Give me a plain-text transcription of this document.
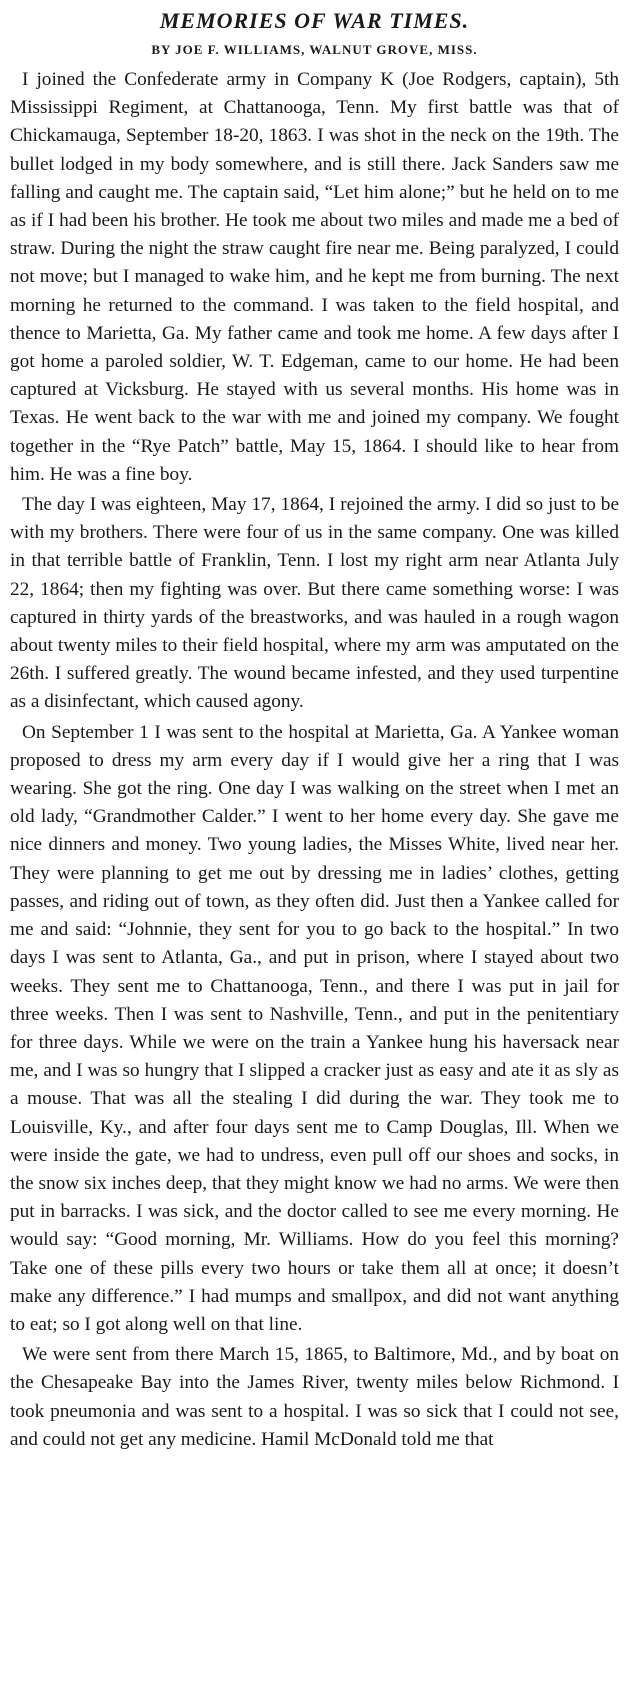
MEMORIES OF WAR TIMES.
BY JOE F. WILLIAMS, WALNUT GROVE, MISS.

I joined the Confederate army in Company K (Joe Rodgers, captain), 5th Mississippi Regiment, at Chattanooga, Tenn. My first battle was that of Chickamauga, September 18-20, 1863. I was shot in the neck on the 19th. The bullet lodged in my body somewhere, and is still there. Jack Sanders saw me falling and caught me. The captain said, “Let him alone;” but he held on to me as if I had been his brother. He took me about two miles and made me a bed of straw. During the night the straw caught fire near me. Being paralyzed, I could not move; but I managed to wake him, and he kept me from burning. The next morning he returned to the command. I was taken to the field hospital, and thence to Marietta, Ga. My father came and took me home. A few days after I got home a paroled soldier, W. T. Edgeman, came to our home. He had been captured at Vicksburg. He stayed with us several months. His home was in Texas. He went back to the war with me and joined my company. We fought together in the “Rye Patch” battle, May 15, 1864. I should like to hear from him. He was a fine boy.

The day I was eighteen, May 17, 1864, I rejoined the army. I did so just to be with my brothers. There were four of us in the same company. One was killed in that terrible battle of Franklin, Tenn. I lost my right arm near Atlanta July 22, 1864; then my fighting was over. But there came something worse: I was captured in thirty yards of the breastworks, and was hauled in a rough wagon about twenty miles to their field hospital, where my arm was amputated on the 26th. I suffered greatly. The wound became infested, and they used turpentine as a disinfectant, which caused agony.

On September 1 I was sent to the hospital at Marietta, Ga. A Yankee woman proposed to dress my arm every day if I would give her a ring that I was wearing. She got the ring. One day I was walking on the street when I met an old lady, “Grandmother Calder.” I went to her home every day. She gave me nice dinners and money. Two young ladies, the Misses White, lived near her. They were planning to get me out by dressing me in ladies’ clothes, getting passes, and riding out of town, as they often did. Just then a Yankee called for me and said: “Johnnie, they sent for you to go back to the hospital.” In two days I was sent to Atlanta, Ga., and put in prison, where I stayed about two weeks. They sent me to Chattanooga, Tenn., and there I was put in jail for three weeks. Then I was sent to Nashville, Tenn., and put in the penitentiary for three days. While we were on the train a Yankee hung his haversack near me, and I was so hungry that I slipped a cracker just as easy and ate it as sly as a mouse. That was all the stealing I did during the war. They took me to Louisville, Ky., and after four days sent me to Camp Douglas, Ill. When we were inside the gate, we had to undress, even pull off our shoes and socks, in the snow six inches deep, that they might know we had no arms. We were then put in barracks. I was sick, and the doctor called to see me every morning. He would say: “Good morning, Mr. Williams. How do you feel this morning? Take one of these pills every two hours or take them all at once; it doesn’t make any difference.” I had mumps and smallpox, and did not want anything to eat; so I got along well on that line.

We were sent from there March 15, 1865, to Baltimore, Md., and by boat on the Chesapeake Bay into the James River, twenty miles below Richmond. I took pneumonia and was sent to a hospital. I was so sick that I could not see, and could not get any medicine. Hamil McDonald told me that
